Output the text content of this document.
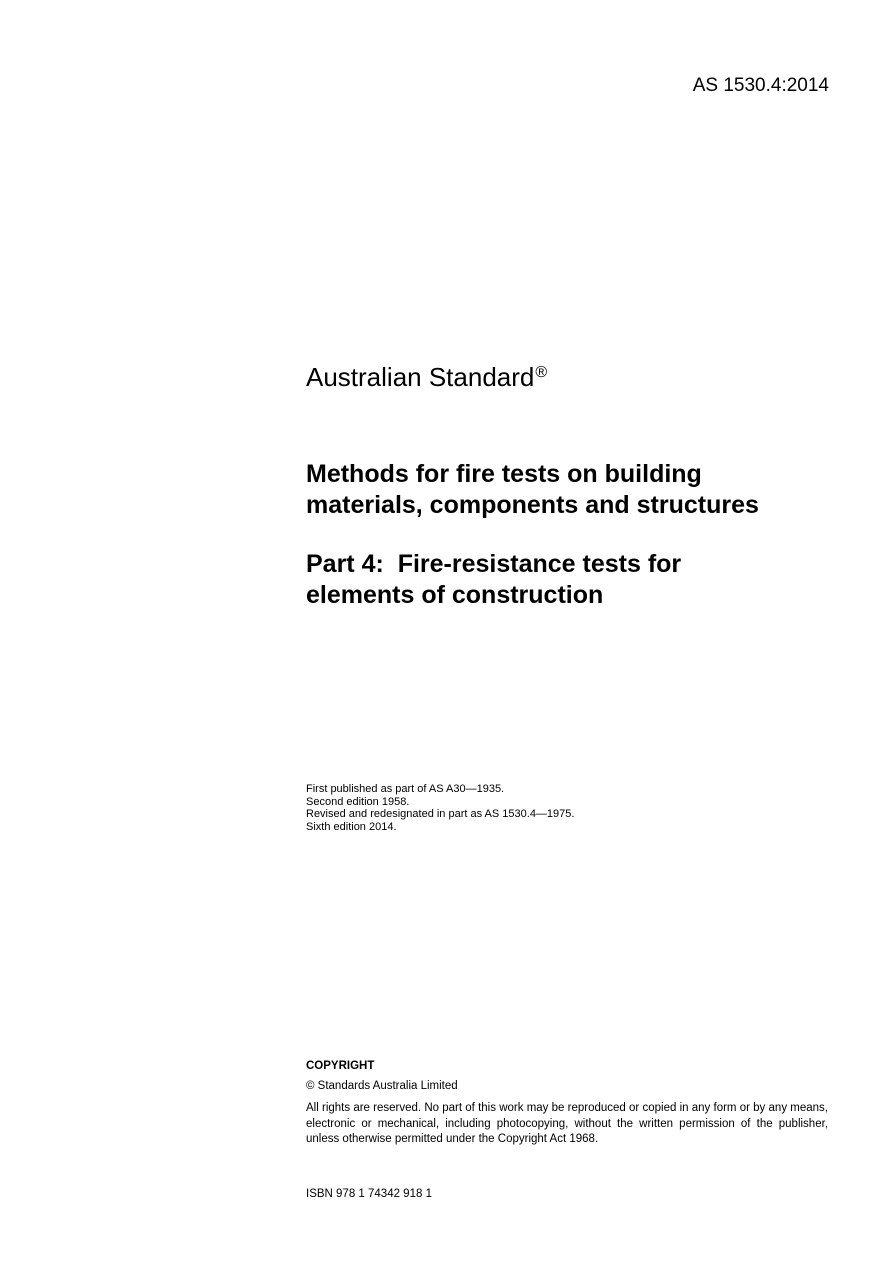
AS 1530.4:2014
Australian Standard®
Methods for fire tests on building
materials, components and structures
Part 4:  Fire-resistance tests for
elements of construction
First published as part of AS A30—1935.
Second edition 1958.
Revised and redesignated in part as AS 1530.4—1975.
Sixth edition 2014.
COPYRIGHT
© Standards Australia Limited

All rights are reserved. No part of this work may be reproduced or copied in any form or by any means, electronic or mechanical, including photocopying, without the written permission of the publisher, unless otherwise permitted under the Copyright Act 1968.

ISBN 978 1 74342 918 1
